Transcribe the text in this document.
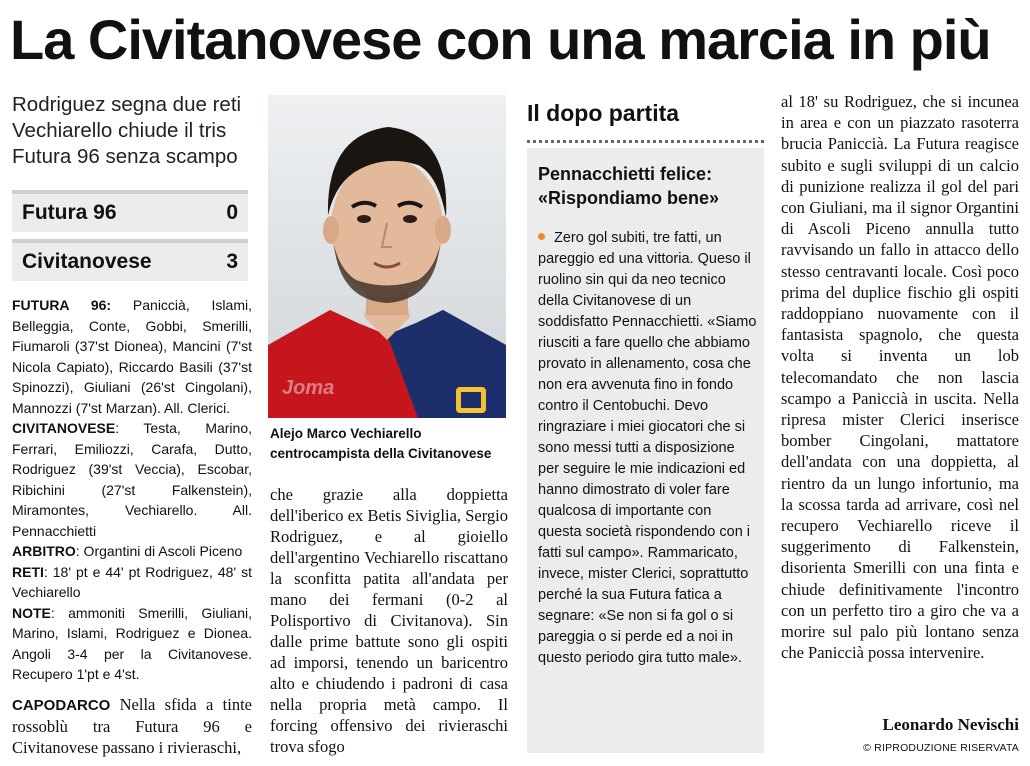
La Civitanovese con una marcia in più
Rodriguez segna due reti
Vechiarello chiude il tris
Futura 96 senza scampo
Futura 96	0
Civitanovese	3

FUTURA 96: Paniccià, Islami, Belleggia, Conte, Gobbi, Smerilli, Fiumaroli (37'st Dionea), Mancini (7'st Nicola Capiato), Riccardo Basili (37'st Spinozzi), Giuliani (26'st Cingolani), Mannozzi (7'st Marzan). All. Clerici.

CIVITANOVESE: Testa, Marino, Ferrari, Emiliozzi, Carafa, Dutto, Rodriguez (39'st Veccia), Escobar, Ribichini (27'st Falkenstein), Miramontes, Vechiarello. All. Pennacchietti

ARBITRO: Organtini di Ascoli Piceno

RETI: 18' pt e 44' pt Rodriguez, 48' st Vechiarello

NOTE: ammoniti Smerilli, Giuliani, Marino, Islami, Rodriguez e Dionea. Angoli 3-4 per la Civitanovese. Recupero 1'pt e 4'st.

CAPODARCO Nella sfida a tinte rossoblù tra Futura 96 e Civitanovese passano i rivieraschi,
Joma
Alejo Marco Vechiarello
centrocampista della Civitanovese
che grazie alla doppietta dell'iberico ex Betis Siviglia, Sergio Rodriguez, e al gioiello dell'argentino Vechiarello riscattano la sconfitta patita all'andata per mano dei fermani (0-2 al Polisportivo di Civitanova). Sin dalle prime battute sono gli ospiti ad imporsi, tenendo un baricentro alto e chiudendo i padroni di casa nella propria metà campo. Il forcing offensivo dei rivieraschi trova sfogo
Il dopo partita
Pennacchietti felice: «Rispondiamo bene»
Zero gol subiti, tre fatti, un pareggio ed una vittoria. Queso il ruolino sin qui da neo tecnico della Civitanovese di un soddisfatto Pennacchietti. «Siamo riusciti a fare quello che abbiamo provato in allenamento, cosa che non era avvenuta fino in fondo contro il Centobuchi. Devo ringraziare i miei giocatori che si sono messi tutti a disposizione per seguire le mie indicazioni ed hanno dimostrato di voler fare qualcosa di importante con questa società rispondendo con i fatti sul campo». Rammaricato, invece, mister Clerici, soprattutto perché la sua Futura fatica a segnare: «Se non si fa gol o si pareggia o si perde ed a noi in questo periodo gira tutto male».
al 18' su Rodriguez, che si incunea in area e con un piazzato rasoterra brucia Paniccià. La Futura reagisce subito e sugli sviluppi di un calcio di punizione realizza il gol del pari con Giuliani, ma il signor Organtini di Ascoli Piceno annulla tutto ravvisando un fallo in attacco dello stesso centravanti locale. Così poco prima del duplice fischio gli ospiti raddoppiano nuovamente con il fantasista spagnolo, che questa volta si inventa un lob telecomandato che non lascia scampo a Paniccià in uscita. Nella ripresa mister Clerici inserisce bomber Cingolani, mattatore dell'andata con una doppietta, al rientro da un lungo infortunio, ma la scossa tarda ad arrivare, così nel recupero Vechiarello riceve il suggerimento di Falkenstein, disorienta Smerilli con una finta e chiude definitivamente l'incontro con un perfetto tiro a giro che va a morire sul palo più lontano senza che Paniccià possa intervenire.
Leonardo Nevischi
© RIPRODUZIONE RISERVATA
